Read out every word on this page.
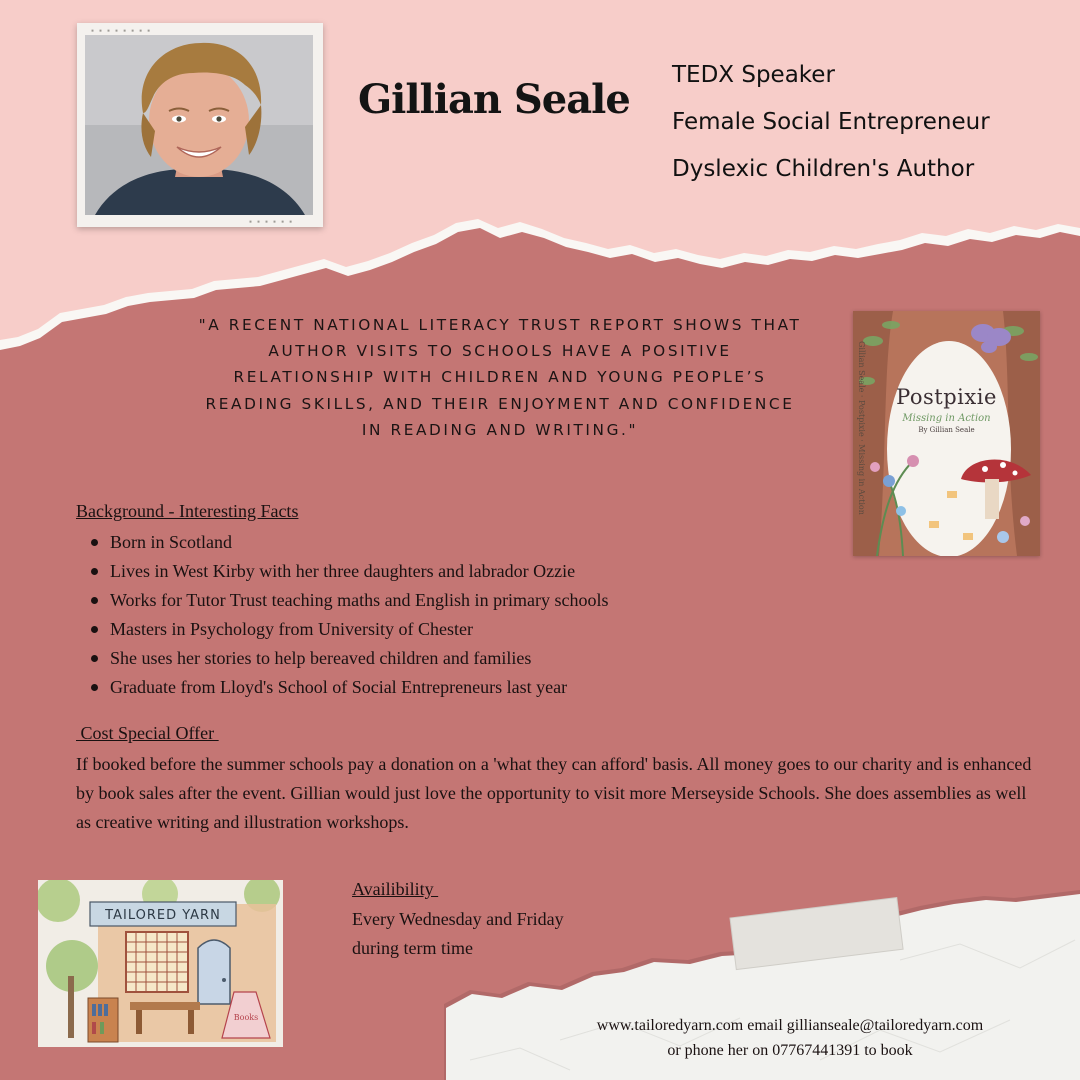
▪ ▪ ▪ ▪ ▪ ▪ ▪ ▪
▪ ▪ ▪ ▪ ▪ ▪
Gillian Seale
TEDX Speaker
Female Social Entrepreneur
Dyslexic Children's Author
"A RECENT NATIONAL LITERACY TRUST REPORT SHOWS THAT AUTHOR VISITS TO SCHOOLS HAVE A POSITIVE RELATIONSHIP WITH CHILDREN AND YOUNG PEOPLE’S READING SKILLS, AND THEIR ENJOYMENT AND CONFIDENCE IN READING AND WRITING."	Gillian Seale · Postpixie · Missing in Action	Postpixie
Missing in Action
By Gillian Seale
Background - Interesting Facts
Born in Scotland
Lives in West Kirby with her three daughters and labrador Ozzie
Works for Tutor Trust teaching maths and English in primary schools
Masters in Psychology from University of Chester
She uses her stories to help bereaved children and families
Graduate from Lloyd's School of Social Entrepreneurs last year
Cost Special Offer
If booked before the summer schools pay a donation on a 'what they can afford' basis. All money goes to our charity and is enhanced by book sales after the event. Gillian would just love the opportunity to visit more Merseyside Schools. She does assemblies as well as creative writing and illustration workshops.
TAILORED YARN
Books
Availibility
Every Wednesday and Friday
during term time
www.tailoredyarn.com email gillianseale@tailoredyarn.com
or phone her on 07767441391 to book
